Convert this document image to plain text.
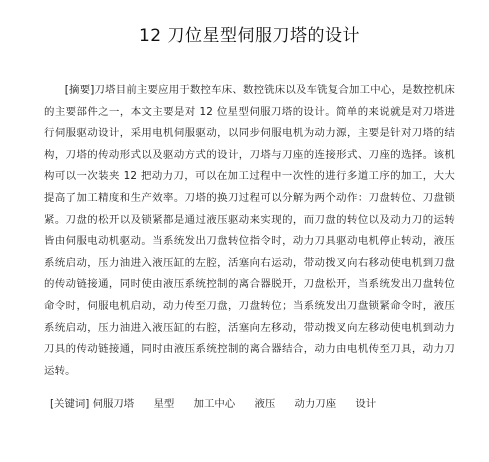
12 刀位星型伺服刀塔的设计

[摘要]刀塔目前主要应用于数控车床、数控铣床以及车铣复合加工中心，是数控机床的主要部件之一，本文主要是对 12 位星型伺服刀塔的设计。简单的来说就是对刀塔进行伺服驱动设计，采用电机伺服驱动，以同步伺服电机为动力源，主要是针对刀塔的结构，刀塔的传动形式以及驱动方式的设计，刀塔与刀座的连接形式、刀座的选择。该机构可以一次装夹 12 把动力刀，可以在加工过程中一次性的进行多道工序的加工，大大提高了加工精度和生产效率。刀塔的换刀过程可以分解为两个动作：刀盘转位、刀盘锁紧。刀盘的松开以及锁紧都是通过液压驱动来实现的，而刀盘的转位以及动力刀的运转皆由伺服电动机驱动。当系统发出刀盘转位指令时，动力刀具驱动电机停止转动，液压系统启动，压力油进入液压缸的左腔，活塞向右运动，带动拨叉向右移动使电机到刀盘的传动链接通，同时使由液压系统控制的离合器脱开，刀盘松开，当系统发出刀盘转位命令时，伺服电机启动，动力传至刀盘，刀盘转位；当系统发出刀盘锁紧命令时，液压系统启动，压力油进入液压缸的右腔，活塞向左移动，带动拨叉向左移动使电机到动力刀具的传动链接通，同时由液压系统控制的离合器结合，动力由电机传至刀具，动力刀运转。

[关键词] 伺服刀塔 星型 加工中心 液压 动力刀座 设计
